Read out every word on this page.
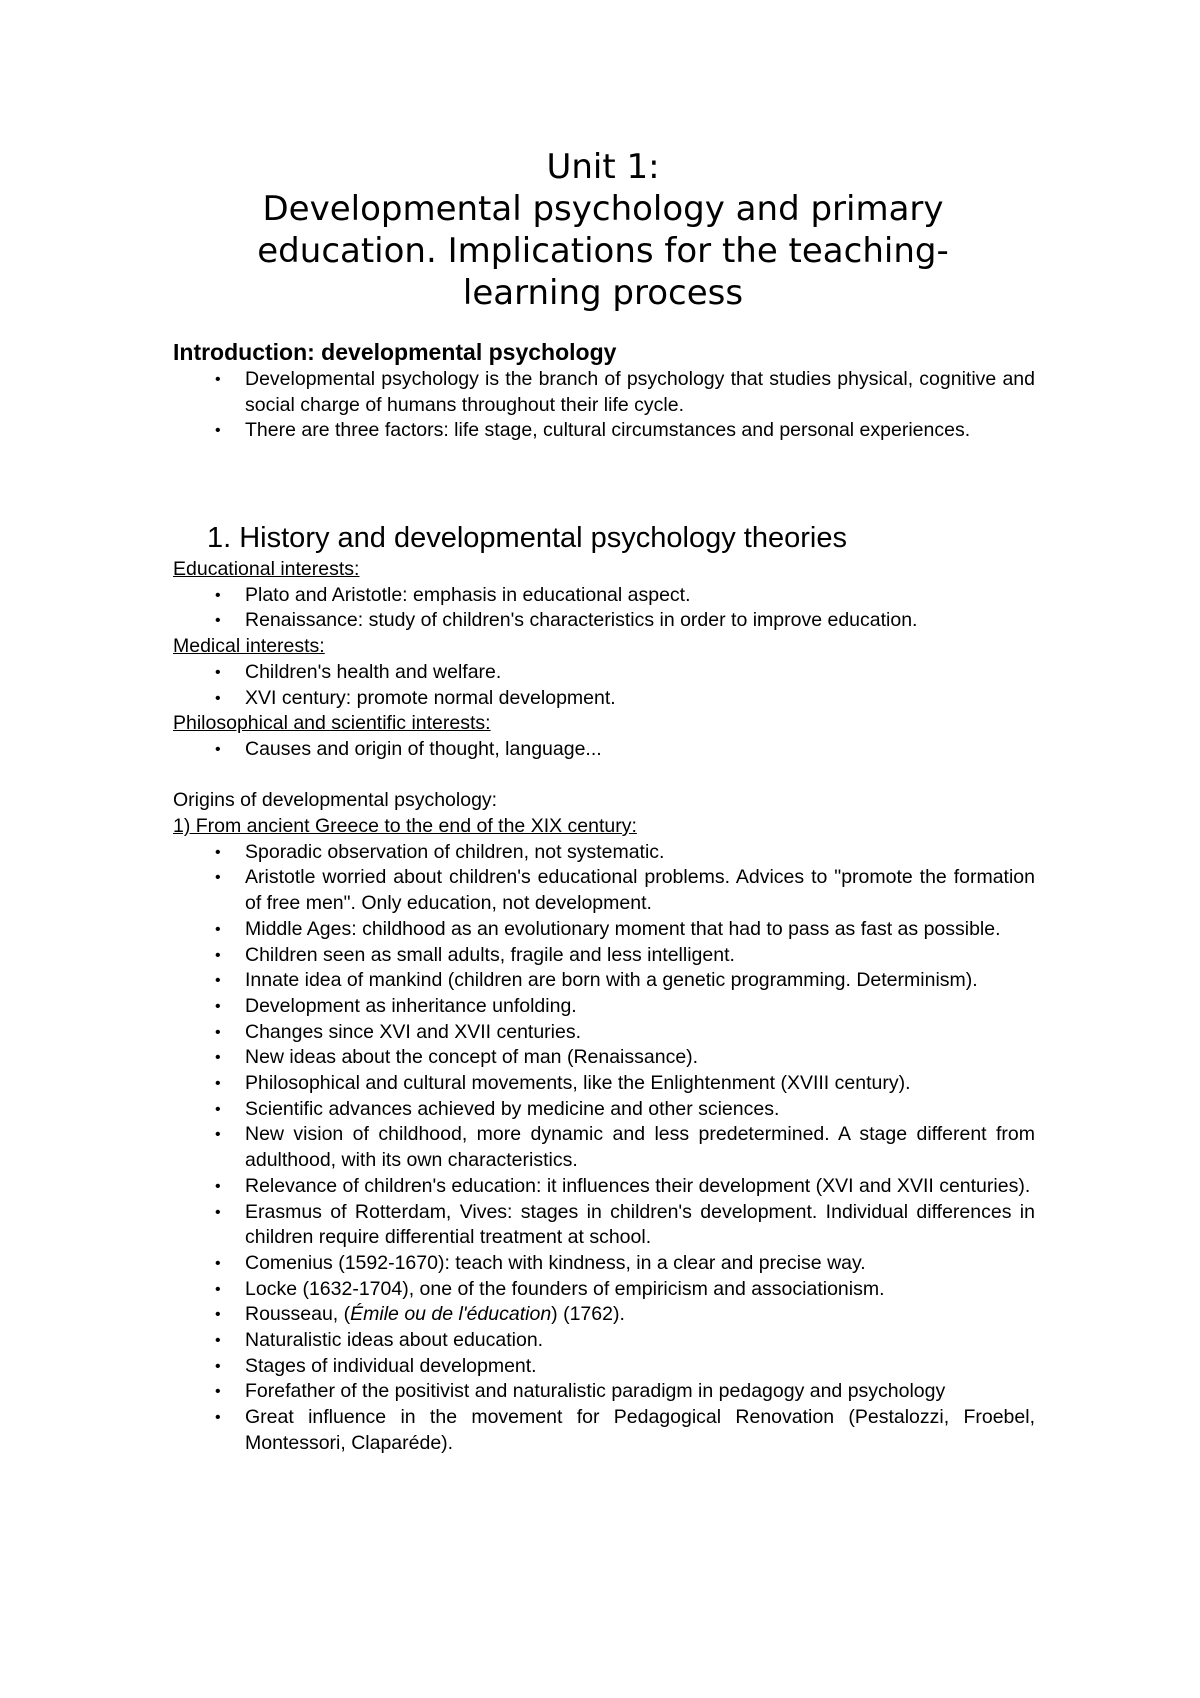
Unit 1:
Developmental psychology and primary
education. Implications for the teaching-
learning process
Introduction: developmental psychology
• Developmental psychology is the branch of psychology that studies physical, cognitive and social charge of humans throughout their life cycle.
• There are three factors: life stage, cultural circumstances and personal experiences.
1. History and developmental psychology theories

Educational interests:

• Plato and Aristotle: emphasis in educational aspect.
• Renaissance: study of children's characteristics in order to improve education.

Medical interests:

• Children's health and welfare.
• XVI century: promote normal development.

Philosophical and scientific interests:

• Causes and origin of thought, language...

Origins of developmental psychology:

1) From ancient Greece to the end of the XIX century:

• Sporadic observation of children, not systematic.
• Aristotle worried about children's educational problems. Advices to "promote the formation of free men". Only education, not development.
• Middle Ages: childhood as an evolutionary moment that had to pass as fast as possible.
• Children seen as small adults, fragile and less intelligent.
• Innate idea of mankind (children are born with a genetic programming. Determinism).
• Development as inheritance unfolding.
• Changes since XVI and XVII centuries.
• New ideas about the concept of man (Renaissance).
• Philosophical and cultural movements, like the Enlightenment (XVIII century).
• Scientific advances achieved by medicine and other sciences.
• New vision of childhood, more dynamic and less predetermined. A stage different from adulthood, with its own characteristics.
• Relevance of children's education: it influences their development (XVI and XVII centuries).
• Erasmus of Rotterdam, Vives: stages in children's development. Individual differences in children require differential treatment at school.
• Comenius (1592-1670): teach with kindness, in a clear and precise way.
• Locke (1632-1704), one of the founders of empiricism and associationism.
• Rousseau, (Émile ou de l'éducation) (1762).
• Naturalistic ideas about education.
• Stages of individual development.
• Forefather of the positivist and naturalistic paradigm in pedagogy and psychology
• Great influence in the movement for Pedagogical Renovation (Pestalozzi, Froebel, Montessori, Claparéde).
